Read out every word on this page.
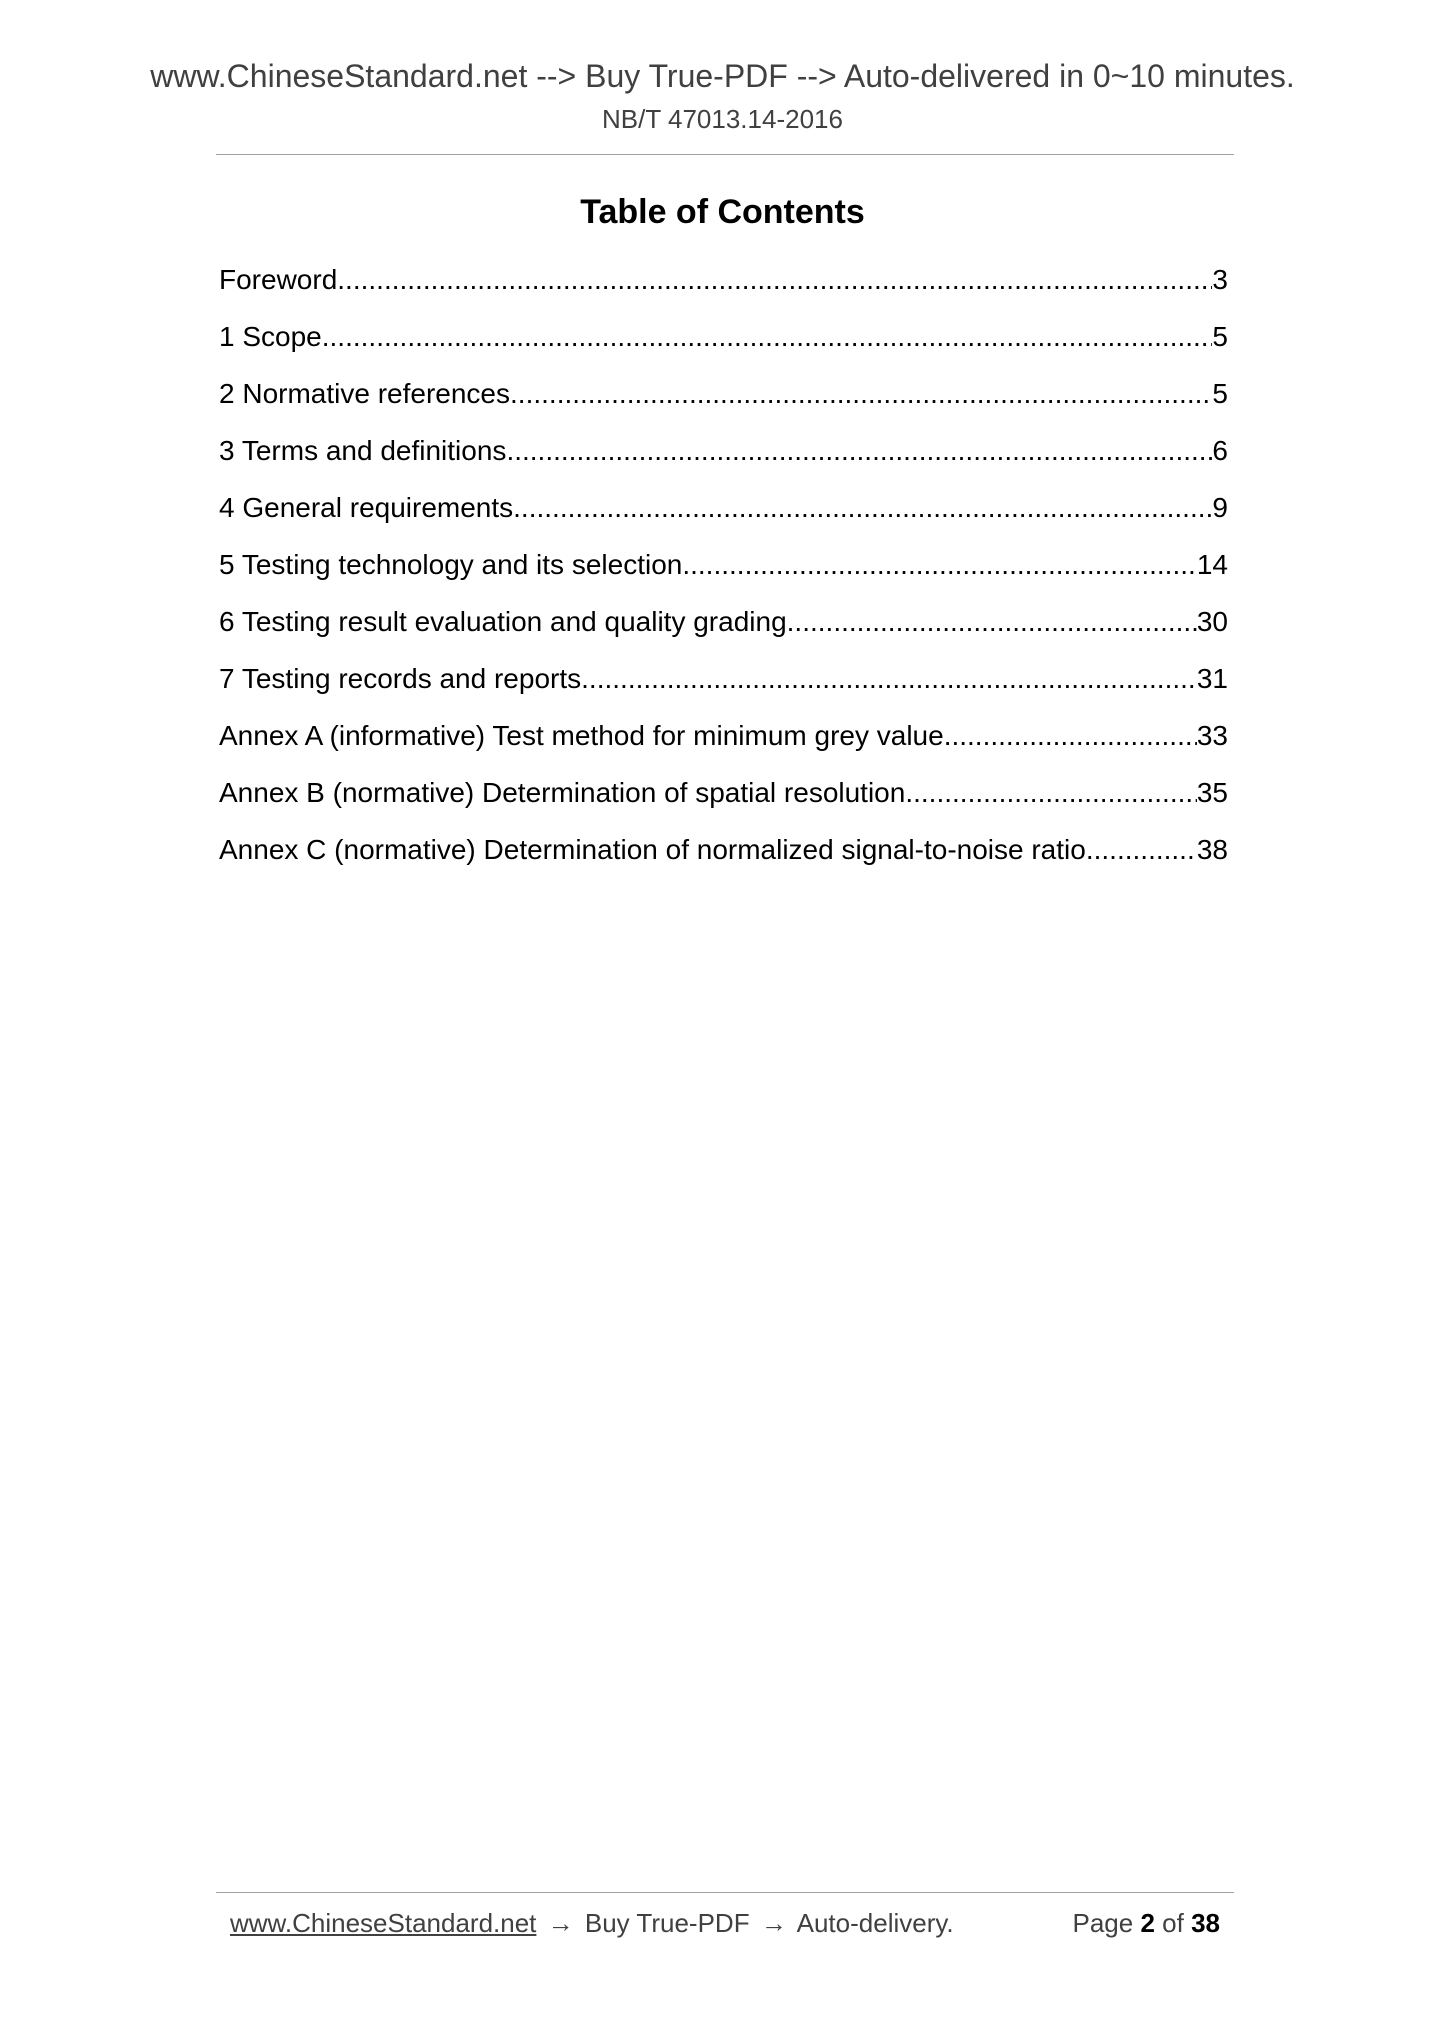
www.ChineseStandard.net --> Buy True-PDF --> Auto-delivered in 0~10 minutes.
NB/T 47013.14-2016
Table of Contents
Foreword .....	3
1 Scope .....	5
2 Normative references .....	5
3 Terms and definitions .....	6
4 General requirements .....	9
5 Testing technology and its selection .....	14
6 Testing result evaluation and quality grading .....	30
7 Testing records and reports .....	31
Annex A (informative) Test method for minimum grey value .....	33
Annex B (normative) Determination of spatial resolution .....	35
Annex C (normative) Determination of normalized signal-to-noise ratio .....	38
www.ChineseStandard.net → Buy True-PDF → Auto-delivery.	Page 2 of 38
